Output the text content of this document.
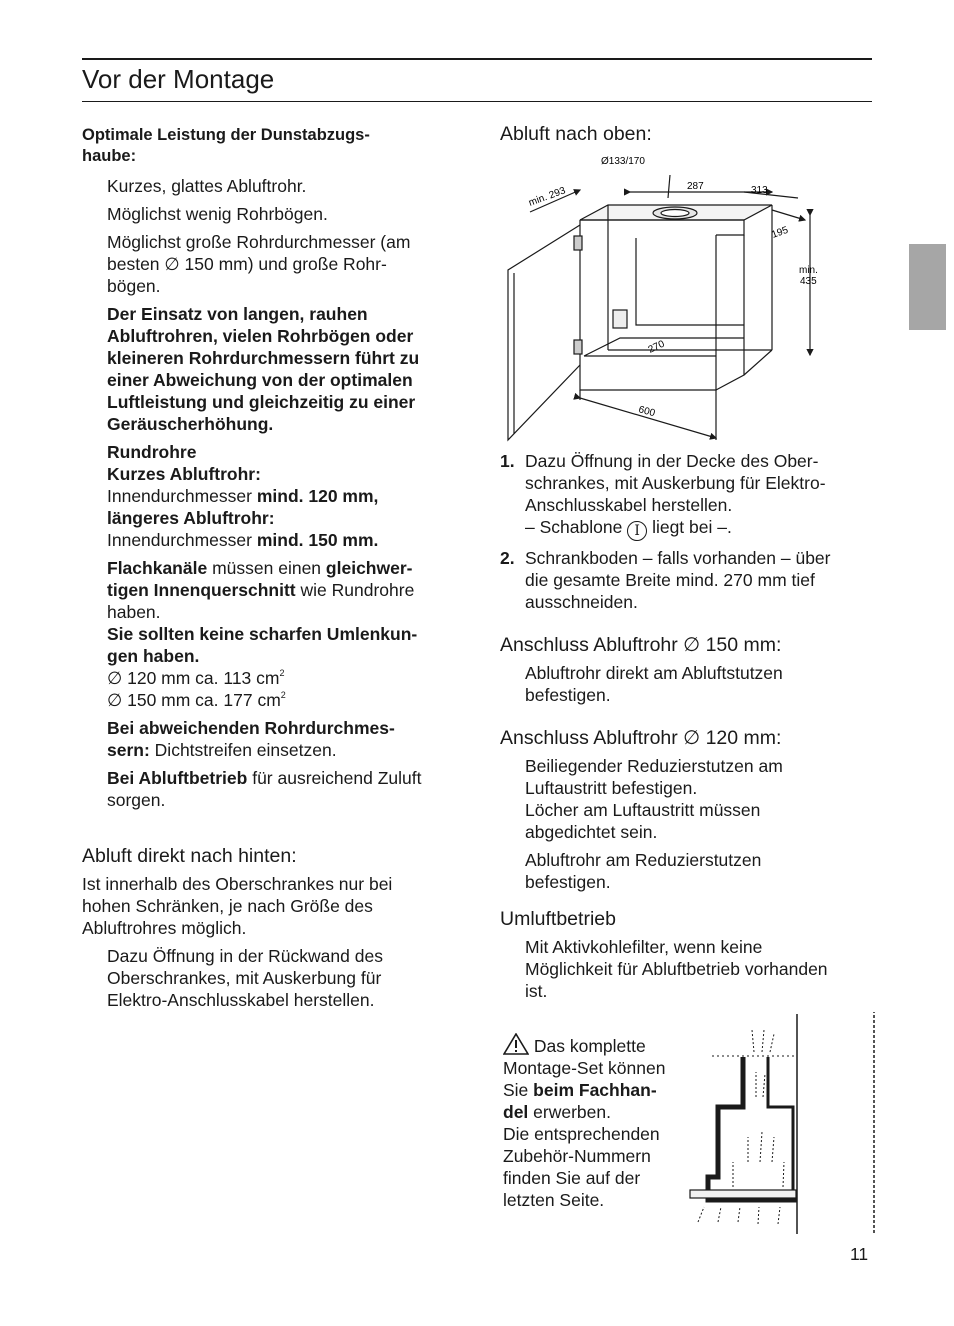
Vor der Montage

Optimale Leistung der Dunstabzugs-
haube:

Kurzes, glattes Abluftrohr.

Möglichst wenig Rohrbögen.

Möglichst große Rohrdurchmesser (am
besten ∅ 150 mm) und große Rohr-
bögen.

Der Einsatz von langen, rauhen
Abluftrohren, vielen Rohrbögen oder
kleineren Rohrdurchmessern führt zu
einer Abweichung von der optimalen
Luftleistung und gleichzeitig zu einer
Geräuscherhöhung.

Rundrohre
Kurzes Abluftrohr:
Innendurchmesser mind. 120 mm,
längeres Abluftrohr:
Innendurchmesser mind. 150 mm.

Flachkanäle müssen einen gleichwer-
tigen Innenquerschnitt wie Rundrohre
haben.
Sie sollten keine scharfen Umlenkun-
gen haben.
∅ 120 mm ca. 113 $cm^2$
∅ 150 mm ca. 177 $cm^2$

Bei abweichenden Rohrdurchmes-
sern: Dichtstreifen einsetzen.

Bei Abluftbetrieb für ausreichend Zuluft
sorgen.

Abluft direkt nach hinten:

Ist innerhalb des Oberschrankes nur bei
hohen Schränken, je nach Größe des
Abluftrohres möglich.

Dazu Öffnung in der Rückwand des
Oberschrankes, mit Auskerbung für
Elektro-Anschlusskabel herstellen.

Abluft nach oben:

Ø133/170
min. 293	287	313
195
min.
435
270
600
1. Dazu Öffnung in der Decke des Ober-
schrankes, mit Auskerbung für Elektro-
Anschlusskabel herstellen.
– Schablone I liegt bei –.

2. Schrankboden – falls vorhanden – über
die gesamte Breite mind. 270 mm tief
ausschneiden.

Anschluss Abluftrohr ∅ 150 mm:

Abluftrohr direkt am Abluftstutzen
befestigen.

Anschluss Abluftrohr ∅ 120 mm:

Beiliegender Reduzierstutzen am
Luftaustritt befestigen.
Löcher am Luftaustritt müssen
abgedichtet sein.

Abluftrohr am Reduzierstutzen
befestigen.

Umluftbetrieb

Mit Aktivkohlefilter, wenn keine
Möglichkeit für Abluftbetrieb vorhanden
ist.

Das komplette
Montage-Set können
Sie beim Fachhan-
del erwerben.
Die entsprechenden
Zubehör-Nummern
finden Sie auf der
letzten Seite.

11
